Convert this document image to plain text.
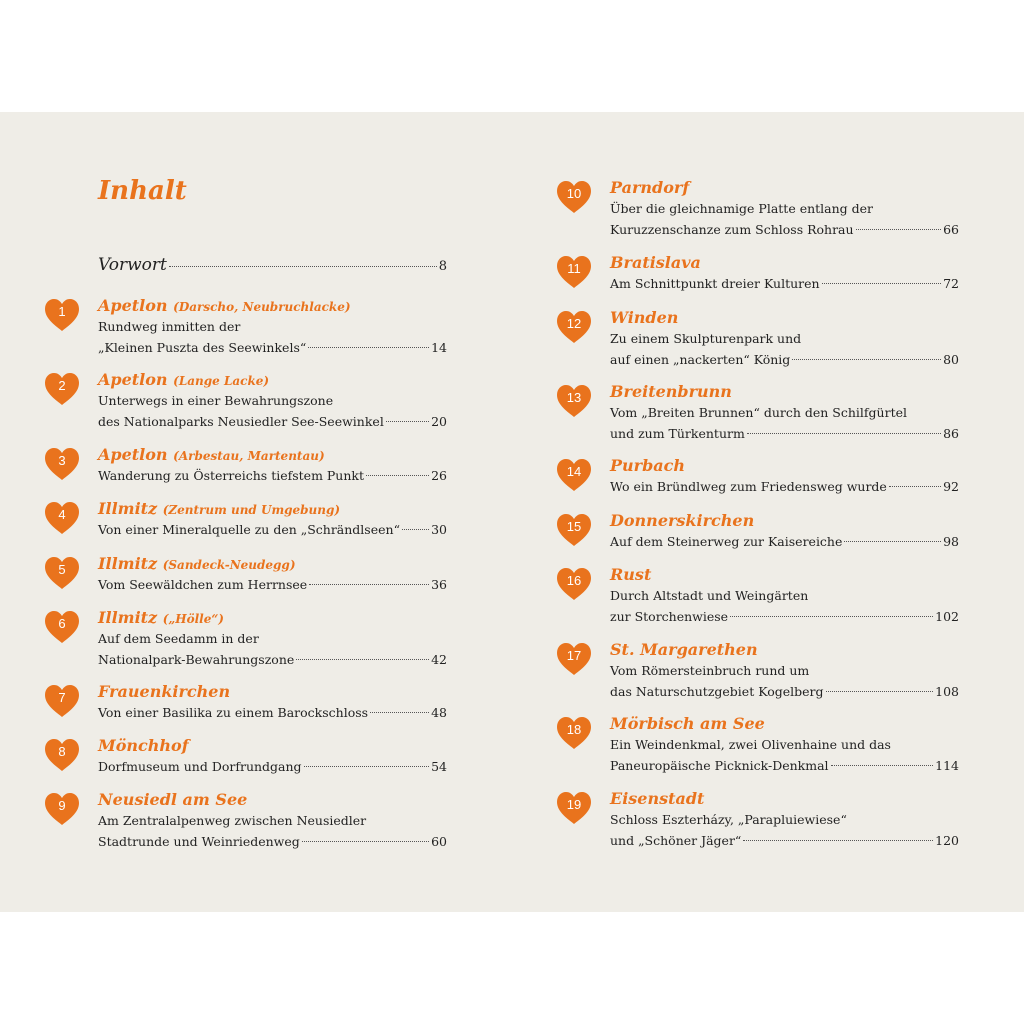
Inhalt
Vorwort	8
1	Apetlon (Darscho, Neubruchlacke)
Rundweg inmitten der
„Kleinen Puszta des Seewinkels“	14
2	Apetlon (Lange Lacke)
Unterwegs in einer Bewahrungszone
des Nationalparks Neusiedler See-Seewinkel	20
3	Apetlon (Arbestau, Martentau)
Wanderung zu Österreichs tiefstem Punkt	26
4	Illmitz (Zentrum und Umgebung)
Von einer Mineralquelle zu den „Schrändlseen“ 30
5	Illmitz (Sandeck-Neudegg)
Vom Seewäldchen zum Herrnsee	36
6	Illmitz („Hölle“)
Auf dem Seedamm in der
Nationalpark-Bewahrungszone	42
7	Frauenkirchen
Von einer Basilika zu einem Barockschloss	48
8	Mönchhof
Dorfmuseum und Dorfrundgang	54
9	Neusiedl am See
Am Zentralalpenweg zwischen Neusiedler
Stadtrunde und Weinriedenweg	60
10	Parndorf
Über die gleichnamige Platte entlang der
Kuruzzenschanze zum Schloss Rohrau	66
11	Bratislava
Am Schnittpunkt dreier Kulturen	72
12	Winden
Zu einem Skulpturenpark und
auf einen „nackerten“ König	80
13	Breitenbrunn
Vom „Breiten Brunnen“ durch den Schilfgürtel
und zum Türkenturm	86
14	Purbach
Wo ein Bründlweg zum Friedensweg wurde	92
15	Donnerskirchen
Auf dem Steinerweg zur Kaisereiche	98
16	Rust
Durch Altstadt und Weingärten
zur Storchenwiese	102
17	St. Margarethen
Vom Römersteinbruch rund um
das Naturschutzgebiet Kogelberg	108
18	Mörbisch am See
Ein Weindenkmal, zwei Olivenhaine und das
Paneuropäische Picknick-Denkmal	114
19	Eisenstadt
Schloss Eszterházy, „Parapluiewiese“
und „Schöner Jäger“	120
